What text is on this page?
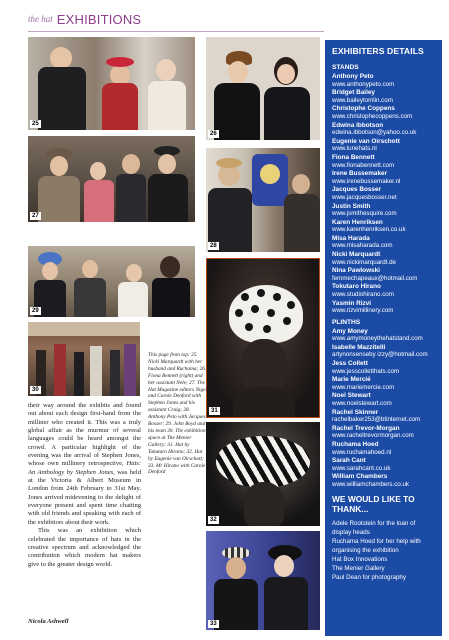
the hat EXHIBITIONS
25
26
27
28
29
30
31
32
33
This page from top: 25. Nicki Marquardt with her husband and Ruchama; 26. Fiona Bennett (right) and her assistant Nele; 27. The Hat Magazine editors Nigel and Carole Denford with Stephen Jones and his assistant Craig; 28. Anthony Peto with Jacques Bosser; 29. John Boyd and his team 30. The exhibition space at The Menier Gallery; 31. Hat by Tokutaro Hirano; 32. Hat by Eugenie van Oirschott; 33. Mr Hirano with Carole Denford

their way around the exhibits and found out about each design first-hand from the milliner who created it. This was a truly global affair as the murmur of several languages could be heard amongst the crowd. A particular highlight of the evening was the arrival of Stephen Jones, whose own millinery retrospective, Hats: An Anthology by Stephen Jones, was held at the Victoria & Albert Museum in London from 24th February to 31st May. Jones arrived midevening to the delight of everyone present and spent time chatting with old friends and speaking with each of the exhibitors about their work.

This was an exhibition which celebrated the importance of hats in the creative spectrum and acknowledged the contribution which modern hat makers give to the greater design world.

Nicola Ashwell
EXHIBITERS DETAILS
STANDS
Anthony Peto
www.anthonypeto.com
Bridget Bailey
www.baileytomlin.com
Christophe Coppens
www.christophecoppens.com
Edwina Ibbotson
edwina.ibbotson@yahoo.co.uk
Eugenie van Oirschott
www.lunehats.nl
Fiona Bennett
www.fionabennett.com
Irene Bussemaker
www.irenebussemaker.nl
Jacques Bosser
www.jacquesbosser.net
Justin Smith
www.jsmithesquire.com
Karen Henriksen
www.karenhenriksen.co.uk
Misa Harada
www.misaharada.com
Nicki Marquardt
www.nickimarquardt.de
Nina Pawlowski
femmechapeaux@hotmail.com
Tokutaro Hirano
www.studiohirano.com
Yasmin Rizvi
www.rizvimillinery.com
PLINTHS
Amy Money
www.amymoneythehatstand.com
Isabelle Mazzitelli
artynonsenseby izzy@hotmail.com
Jess Collett
www.jesscolletthats.com
Marie Mercié
www.mariemercie.com
Noel Stewart
www.noelstewart.com
Rachel Skinner
rachelbaker253@btinternet.com
Rachel Trevor-Morgan
www.racheltrevormorgan.com
Ruchama Hoed
www.ruchamahoed.nl
Sarah Cant
www.sarahcant.co.uk
William Chambers
www.williamchambers.co.uk
WE WOULD LIKE TO THANK...
Adele Rootstein for the loan of display heads
Ruchama Hoed for her help with organising the exhibition
Hat Box Innovations
The Menier Gallery
Paul Dean for photography
